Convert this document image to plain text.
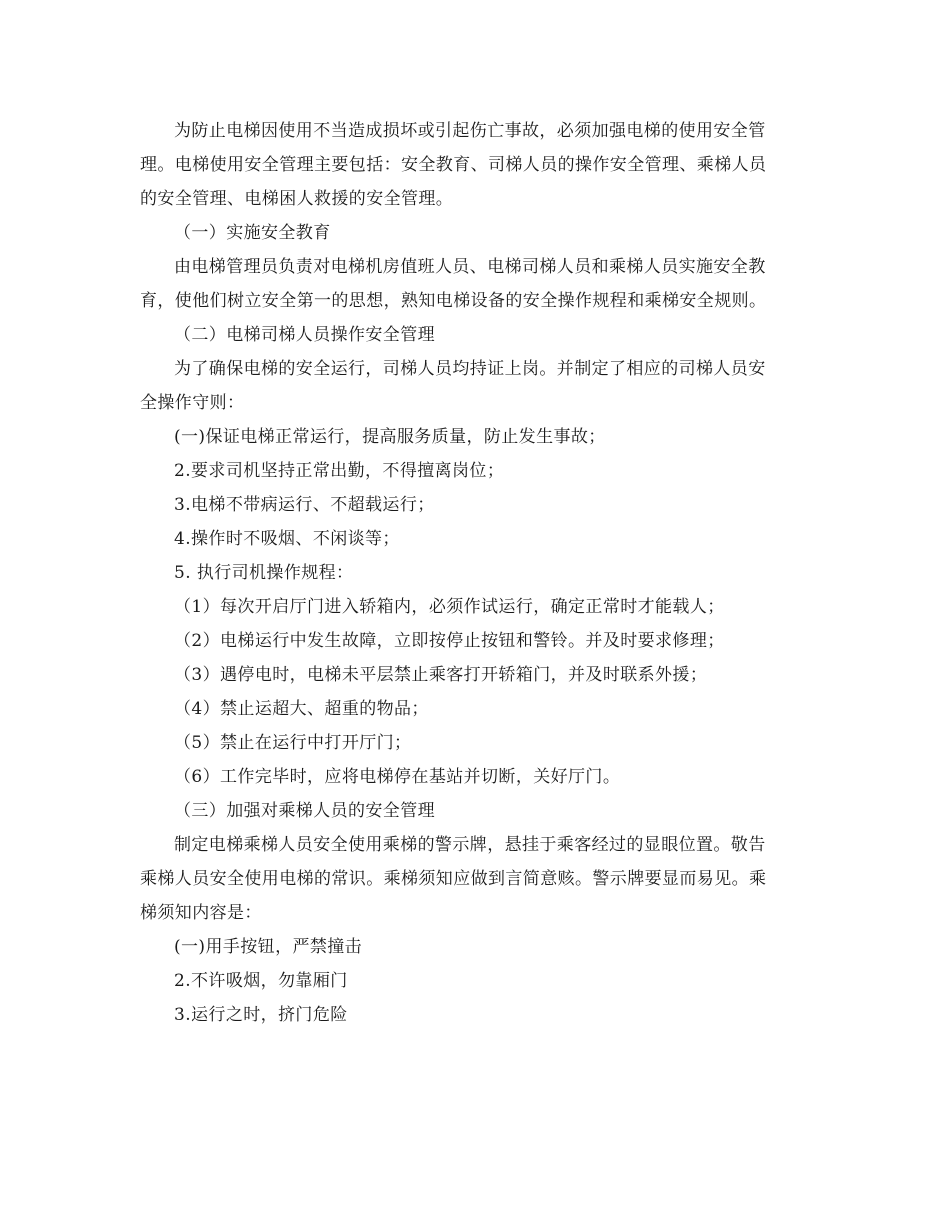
为防止电梯因使用不当造成损坏或引起伤亡事故，必须加强电梯的使用安全管
理。电梯使用安全管理主要包括：安全教育、司梯人员的操作安全管理、乘梯人员
的安全管理、电梯困人救援的安全管理。
（一）实施安全教育
由电梯管理员负责对电梯机房值班人员、电梯司梯人员和乘梯人员实施安全教
育，使他们树立安全第一的思想，熟知电梯设备的安全操作规程和乘梯安全规则。
（二）电梯司梯人员操作安全管理
为了确保电梯的安全运行，司梯人员均持证上岗。并制定了相应的司梯人员安
全操作守则：
(一)保证电梯正常运行，提高服务质量，防止发生事故；
2.要求司机坚持正常出勤，不得擅离岗位；
3.电梯不带病运行、不超载运行；
4.操作时不吸烟、不闲谈等；
5. 执行司机操作规程：
（1）每次开启厅门进入轿箱内，必须作试运行，确定正常时才能载人；
（2）电梯运行中发生故障，立即按停止按钮和警铃。并及时要求修理；
（3）遇停电时，电梯未平层禁止乘客打开轿箱门，并及时联系外援；
（4）禁止运超大、超重的物品；
（5）禁止在运行中打开厅门；
（6）工作完毕时，应将电梯停在基站并切断，关好厅门。
（三）加强对乘梯人员的安全管理
制定电梯乘梯人员安全使用乘梯的警示牌，悬挂于乘客经过的显眼位置。敬告
乘梯人员安全使用电梯的常识。乘梯须知应做到言简意赅。警示牌要显而易见。乘
梯须知内容是：
(一)用手按钮，严禁撞击
2.不许吸烟，勿靠厢门
3.运行之时，挤门危险
